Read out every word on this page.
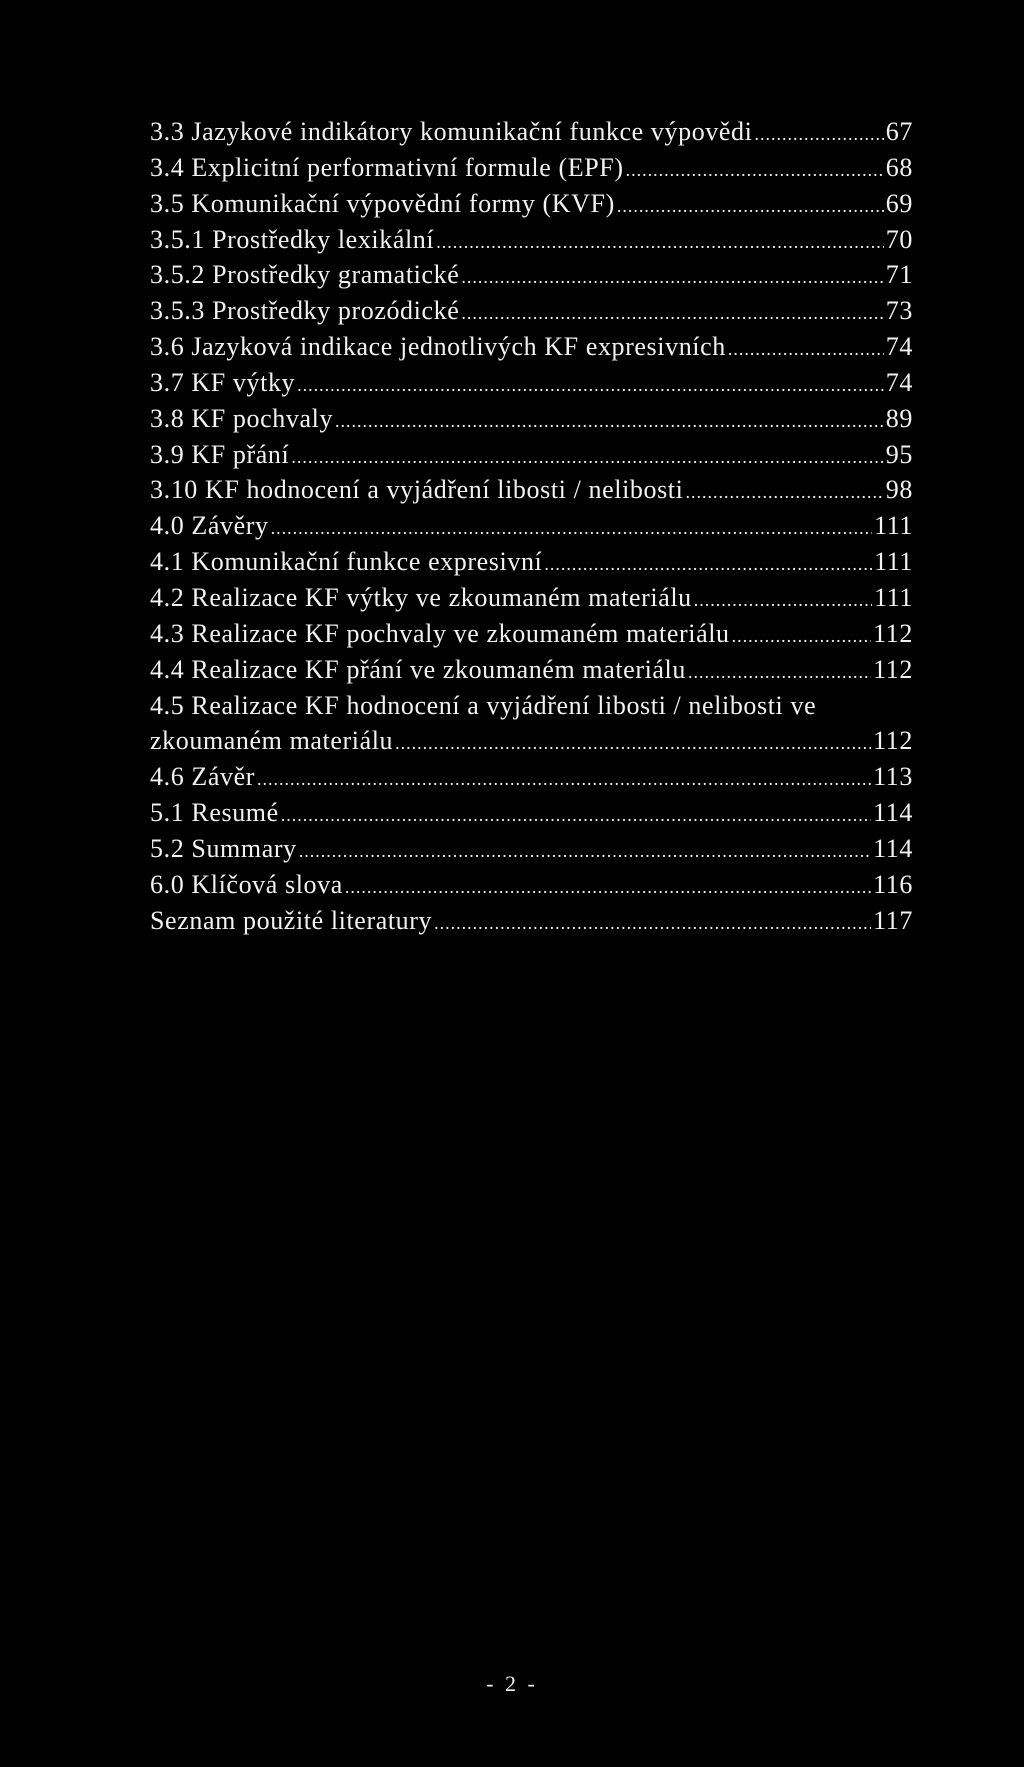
3.3 Jazykové indikátory komunikační funkce výpovědi .....	67
3.4 Explicitní performativní formule (EPF) .....	68
3.5 Komunikační výpovědní formy (KVF) .....	69
3.5.1 Prostředky lexikální .....	70
3.5.2 Prostředky gramatické .....	71
3.5.3 Prostředky prozódické .....	73
3.6 Jazyková indikace jednotlivých KF expresivních .....	74
3.7 KF výtky .....	74
3.8 KF pochvaly .....	89
3.9 KF přání .....	95
3.10 KF hodnocení a vyjádření libosti / nelibosti .....	98
4.0 Závěry .....	111
4.1 Komunikační funkce expresivní .....	111
4.2 Realizace KF výtky ve zkoumaném materiálu .....	111
4.3 Realizace KF pochvaly ve zkoumaném materiálu .....	112
4.4 Realizace KF přání ve zkoumaném materiálu .....	112
4.5 Realizace KF hodnocení a vyjádření libosti / nelibosti ve
zkoumaném materiálu .....	112
4.6 Závěr .....	113
5.1 Resumé .....	114
5.2 Summary .....	114
6.0 Klíčová slova .....	116
Seznam použité literatury .....	117
- 2 -
